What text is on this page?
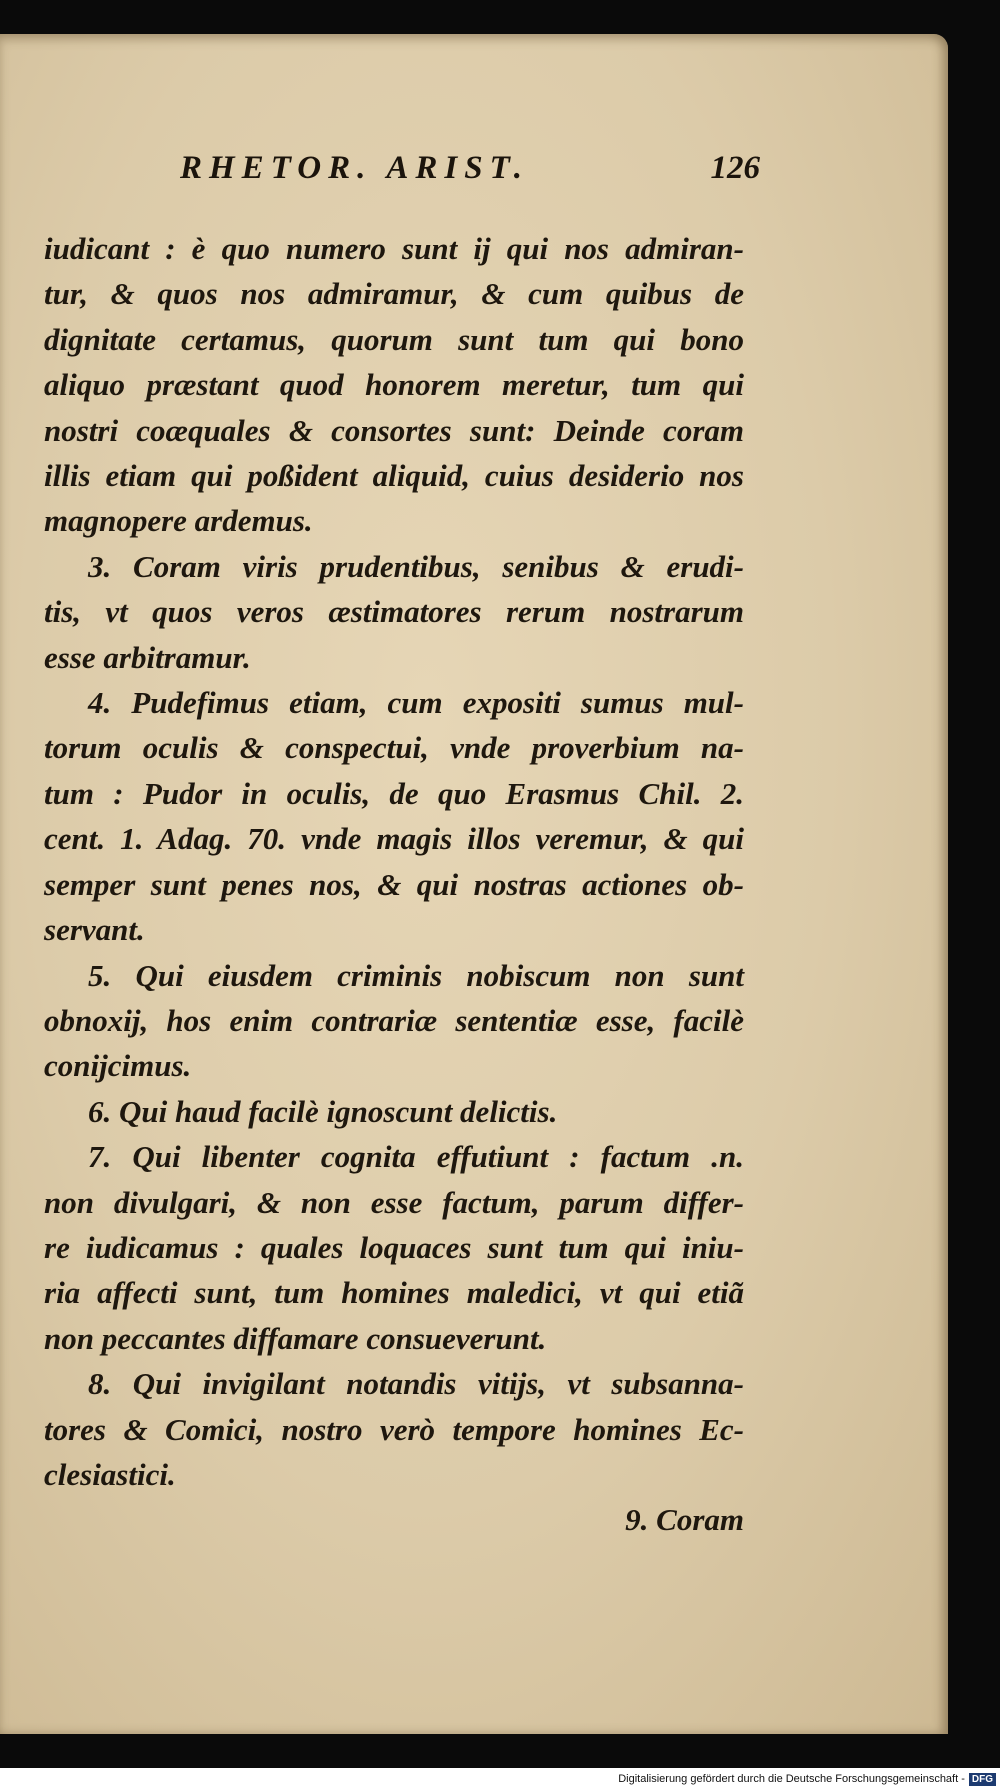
RHETOR. ARIST.	126
iudicant : è quo numero sunt ij qui nos admiran-
tur, & quos nos admiramur, & cum quibus de
dignitate certamus, quorum sunt tum qui bono
aliquo præstant quod honorem meretur, tum qui
nostri coæquales & consortes sunt: Deinde coram
illis etiam qui poßident aliquid, cuius desiderio nos
magnopere ardemus.
3. Coram viris prudentibus, senibus & erudi-
tis, vt quos veros æstimatores rerum nostrarum
esse arbitramur.
4. Pudefimus etiam, cum expositi sumus mul-
torum oculis & conspectui, vnde proverbium na-
tum : Pudor in oculis, de quo Erasmus Chil. 2.
cent. 1. Adag. 70. vnde magis illos veremur, & qui
semper sunt penes nos, & qui nostras actiones ob-
servant.
5. Qui eiusdem criminis nobiscum non sunt
obnoxij, hos enim contrariæ sententiæ esse, facilè
conijcimus.
6. Qui haud facilè ignoscunt delictis.
7. Qui libenter cognita effutiunt : factum .n.
non divulgari, & non esse factum, parum differ-
re iudicamus : quales loquaces sunt tum qui iniu-
ria affecti sunt, tum homines maledici, vt qui etiã
non peccantes diffamare consueverunt.
8. Qui invigilant notandis vitijs, vt subsanna-
tores & Comici, nostro verò tempore homines Ec-
clesiastici.
9. Coram
Digitalisierung gefördert durch die Deutsche Forschungsgemeinschaft - DFG
